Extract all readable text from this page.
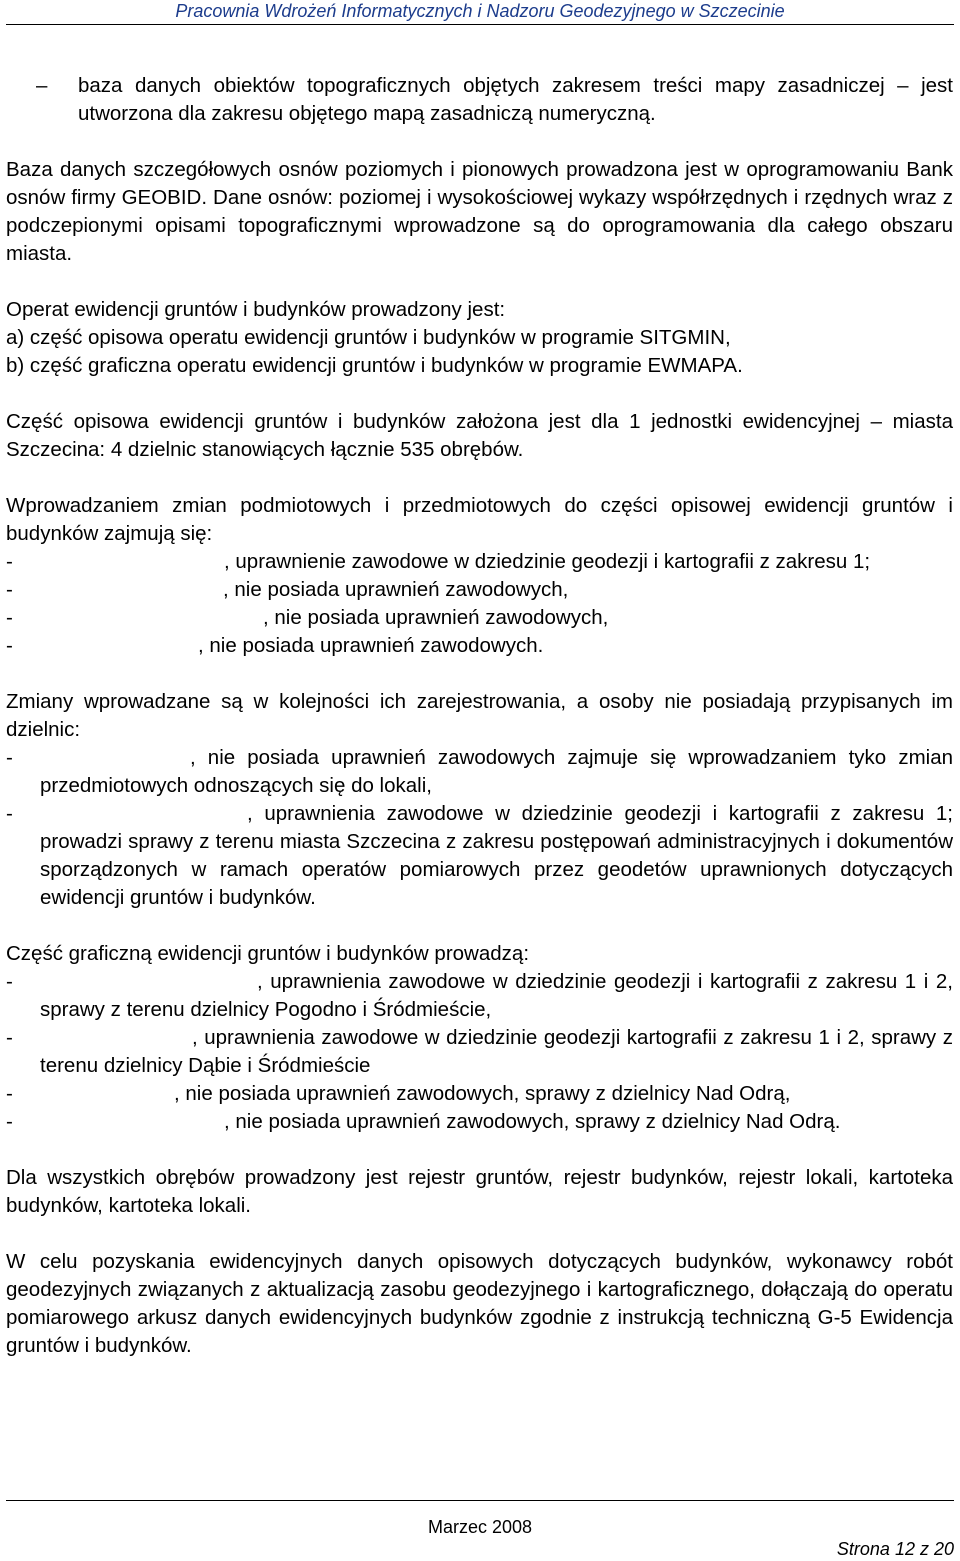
Pracownia Wdrożeń Informatycznych i Nadzoru Geodezyjnego w Szczecinie
– baza danych obiektów topograficznych objętych zakresem treści mapy zasadniczej – jest utworzona dla zakresu objętego mapą zasadniczą numeryczną.

Baza danych szczegółowych osnów poziomych i pionowych prowadzona jest w oprogramowaniu Bank osnów firmy GEOBID. Dane osnów: poziomej i wysokościowej wykazy współrzędnych i rzędnych wraz z podczepionymi opisami topograficznymi wprowadzone są do oprogramowania dla całego obszaru miasta.

Operat ewidencji gruntów i budynków prowadzony jest:

a) część opisowa operatu ewidencji gruntów i budynków w programie SITGMIN,

b) część graficzna operatu ewidencji gruntów i budynków w programie EWMAPA.

Część opisowa ewidencji gruntów i budynków założona jest dla 1 jednostki ewidencyjnej – miasta Szczecina: 4 dzielnic stanowiących łącznie 535 obrębów.

Wprowadzaniem zmian podmiotowych i przedmiotowych do części opisowej ewidencji gruntów i budynków zajmują się:

-	, uprawnienie zawodowe w dziedzinie geodezji i kartografii z zakresu 1;
-	, nie posiada uprawnień zawodowych,
-	, nie posiada uprawnień zawodowych,
-	, nie posiada uprawnień zawodowych.

Zmiany wprowadzane są w kolejności ich zarejestrowania, a osoby nie posiadają przypisanych im dzielnic:

-	, nie posiada uprawnień zawodowych zajmuje się wprowadzaniem tyko zmian przedmiotowych odnoszących się do lokali,
-	, uprawnienia zawodowe w dziedzinie geodezji i kartografii z zakresu 1; prowadzi sprawy z terenu miasta Szczecina z zakresu postępowań administracyjnych i dokumentów sporządzonych w ramach operatów pomiarowych przez geodetów uprawnionych dotyczących ewidencji gruntów i budynków.

Część graficzną ewidencji gruntów i budynków prowadzą:

-	, uprawnienia zawodowe w dziedzinie geodezji i kartografii z zakresu 1 i 2, sprawy z terenu dzielnicy Pogodno i Śródmieście,
-	, uprawnienia zawodowe w dziedzinie geodezji kartografii z zakresu 1 i 2, sprawy z terenu dzielnicy Dąbie i Śródmieście
-	, nie posiada uprawnień zawodowych, sprawy z dzielnicy Nad Odrą,
-	, nie posiada uprawnień zawodowych, sprawy z dzielnicy Nad Odrą.

Dla wszystkich obrębów prowadzony jest rejestr gruntów, rejestr budynków, rejestr lokali, kartoteka budynków, kartoteka lokali.

W celu pozyskania ewidencyjnych danych opisowych dotyczących budynków, wykonawcy robót geodezyjnych związanych z aktualizacją zasobu geodezyjnego i kartograficznego, dołączają do operatu pomiarowego arkusz danych ewidencyjnych budynków zgodnie z instrukcją techniczną G-5 Ewidencja gruntów i budynków.

Marzec 2008
Strona 12 z 20
